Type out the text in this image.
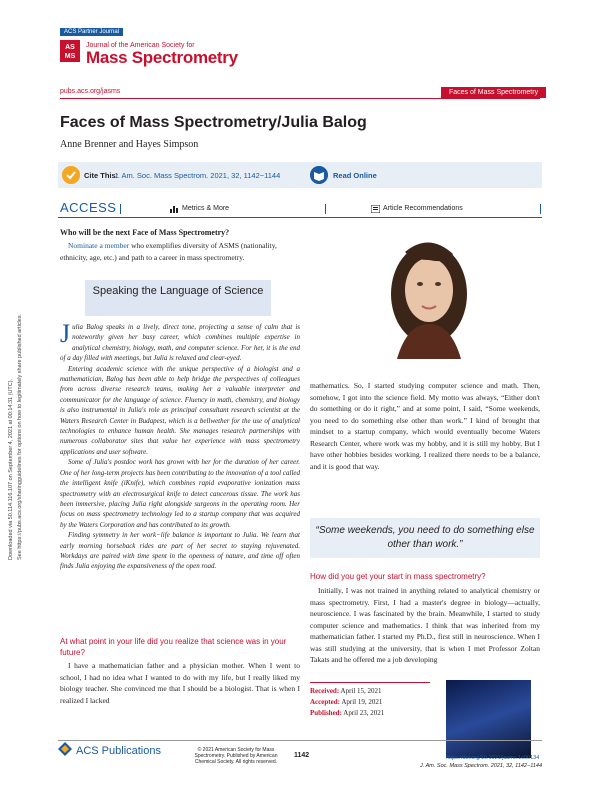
Downloaded via 50.114.116.107 on September 4, 2021 at 00:14:31 (UTC). See https://pubs.acs.org/sharingguidelines for options on how to legitimately share published articles.
ACS Partner Journal
AS
MS
Journal of the American Society for
Mass Spectrometry
pubs.acs.org/jasms	Faces of Mass Spectrometry
Faces of Mass Spectrometry/Julia Balog
Anne Brenner and Hayes Simpson
Cite This:
J. Am. Soc. Mass Spectrom. 2021, 32, 1142−1144	Read Online
ACCESS	Metrics & More	Article Recommendations
Who will be the next Face of Mass Spectrometry?
Nominate a member who exemplifies diversity of ASMS (nationality, ethnicity, age, etc.) and path to a career in mass spectrometry.
Speaking the Language of Science

Julia Balog speaks in a lively, direct tone, projecting a sense of calm that is noteworthy given her busy career, which combines multiple expertise in analytical chemistry, biology, math, and computer science. For her, it is the end of a day filled with meetings, but Julia is relaxed and clear-eyed.

Entering academic science with the unique perspective of a biologist and a mathematician, Balog has been able to help bridge the perspectives of colleagues from across diverse research teams, making her a valuable interpreter and communicator for the language of science. Fluency in math, chemistry, and biology is also instrumental in Julia's role as principal consultant research scientist at the Waters Research Center in Budapest, which is a bellwether for the use of analytical technologies to enhance human health. She manages research partnerships with numerous collaborator sites that value her experience with mass spectrometry applications and user software.

Some of Julia's postdoc work has grown with her for the duration of her career. One of her long-term projects has been contributing to the innovation of a tool called the intelligent knife (iKnife), which combines rapid evaporative ionization mass spectrometry with an electrosurgical knife to detect cancerous tissue. The work has been immersive, placing Julia right alongside surgeons in the operating room. Her focus on mass spectrometry technology led to a startup company that was acquired by the Waters Corporation and has contributed to its growth.

Finding symmetry in her work−life balance is important to Julia. We learn that early morning horseback rides are part of her secret to staying rejuvenated. Workdays are paired with time spent in the openness of nature, and time off often finds Julia enjoying the expansiveness of the open road.

At what point in your life did you realize that science was in your future?
I have a mathematician father and a physician mother. When I went to school, I had no idea what I wanted to do with my life, but I really liked my biology teacher. She convinced me that I should be a biologist. That is when I realized I lacked
mathematics. So, I started studying computer science and math. Then, somehow, I got into the science field. My motto was always, “Either don't do something or do it right,” and at some point, I said, “Some weekends, you need to do something else other than work.” I kind of brought that mindset to a startup company, which would eventually become Waters Research Center, where work was my hobby, and it is still my hobby. But I have other hobbies besides working. I realized there needs to be a balance, and it is good that way.
“Some weekends, you need to do something else other than work.”
How did you get your start in mass spectrometry?
Initially, I was not trained in anything related to analytical chemistry or mass spectrometry. First, I had a master's degree in biology—actually, neuroscience. I was fascinated by the brain. Meanwhile, I started to study computer science and mathematics. I think that was inherited from my mathematician father. I started my Ph.D., first still in neuroscience. When I was still studying at the university, that is when I met Professor Zoltan Takats and he offered me a job developing
Received: April 15, 2021
Accepted: April 19, 2021
Published: April 23, 2021
ACS Publications	© 2021 American Society for Mass Spectrometry. Published by American Chemical Society. All rights reserved.
1142	https://doi.org/10.1021/jasms.1c00134
J. Am. Soc. Mass Spectrom. 2021, 32, 1142−1144
